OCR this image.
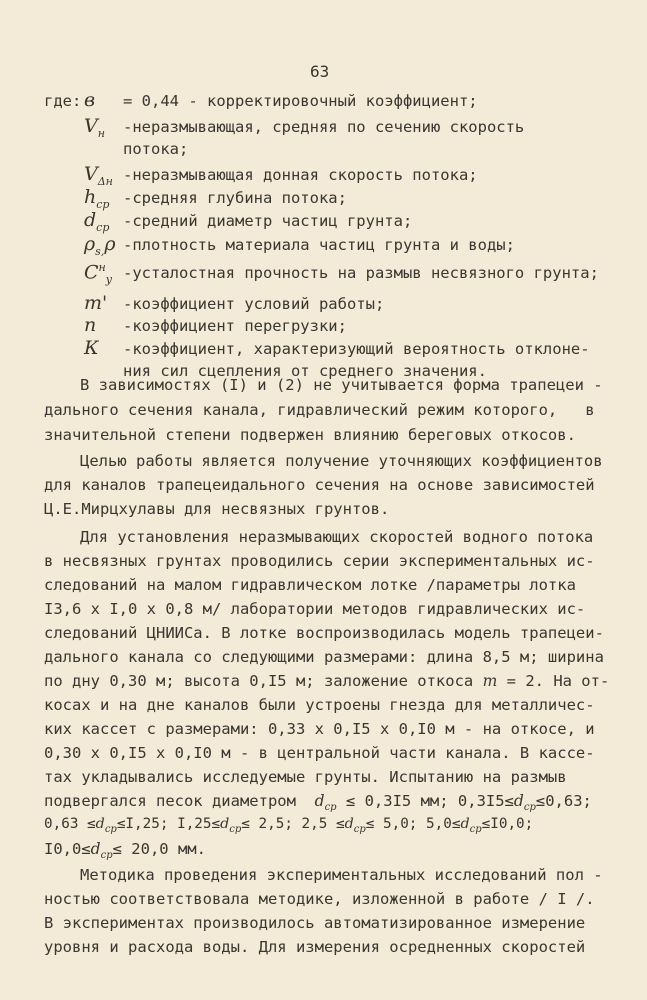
63
где: в = 0,44 - корректировочный коэффициент;
$V_н$ -неразмывающая, средняя по сечению скорость
потока;
$V_{\Delta н}$ -неразмывающая донная скорость потока;
$h_{ср}$ -средняя глубина потока;
$d_{ср}$ -средний диаметр частиц грунта;
$\rho_{s,}\rho$ -плотность материала частиц грунта и воды;
$C^н_у$ -усталостная прочность на размыв несвязного грунта;
m' -коэффициент условий работы;
n -коэффициент перегрузки;
К -коэффициент, характеризующий вероятность отклоне-
ния сил сцепления от среднего значения.
В зависимостях (I) и (2) не учитывается форма трапецеи -
дального сечения канала, гидравлический режим которого,   в
значительной степени подвержен влиянию береговых откосов.
Целью работы является получение уточняющих коэффициентов
для каналов трапецеидального сечения на основе зависимостей
Ц.Е.Мирцхулавы для несвязных грунтов.
Для установления неразмывающих скоростей водного потока
в несвязных грунтах проводились серии экспериментальных ис-
следований на малом гидравлическом лотке /параметры лотка
I3,6 х I,0 х 0,8 м/ лаборатории методов гидравлических ис-
следований ЦНИИСа. В лотке воспроизводилась модель трапецеи-
дального канала со следующими размерами: длина 8,5 м; ширина
по дну 0,30 м; высота 0,I5 м; заложение откоса m = 2. На от-
косах и на дне каналов были устроены гнезда для металличес-
ких кассет с размерами: 0,33 х 0,I5 х 0,I0 м - на откосе, и
0,30 х 0,I5 х 0,I0 м - в центральной части канала. В кассе-
тах укладывались исследуемые грунты. Испытанию на размыв
подвергался песок диаметром $d_{ср} \le 0,3I5$ мм; $0,3I5\le d_{ср}\le 0,63$;
$0,63 \le d_{ср}\le I,25$; $I,25\le d_{ср}\le 2,5$; $2,5 \le d_{ср}\le 5,0$; $5,0\le d_{ср}\le I0,0$;
$I0,0\le d_{ср}\le 20,0$ мм.
Методика проведения экспериментальных исследований пол -
ностью соответствовала методике, изложенной в работе / I /.
В экспериментах производилось автоматизированное измерение
уровня и расхода воды. Для измерения осредненных скоростей
